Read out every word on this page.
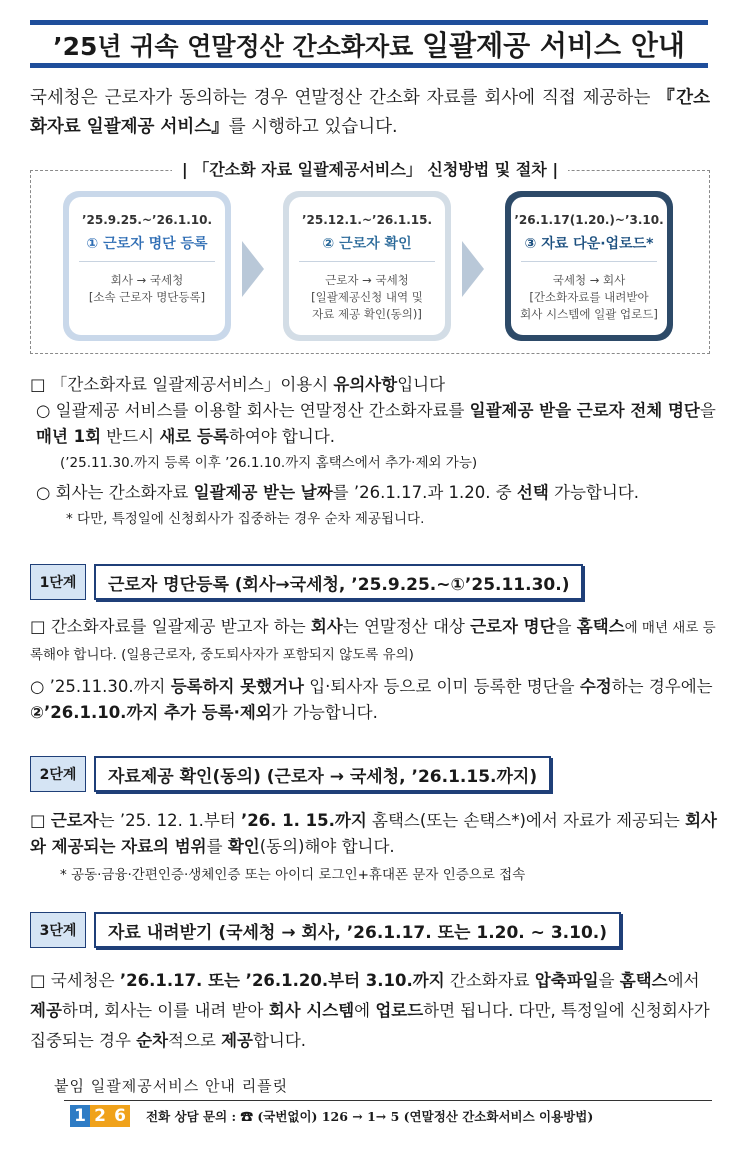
’25년 귀속 연말정산 간소화자료 일괄제공 서비스 안내
국세청은 근로자가 동의하는 경우 연말정산 간소화 자료를 회사에 직접 제공하는 『간소화자료 일괄제공 서비스』를 시행하고 있습니다.
| 「간소화 자료 일괄제공서비스」 신청방법 및 절차 |
’25.9.25.~’26.1.10.
① 근로자 명단 등록
회사 → 국세청
[소속 근로자 명단등록]
’25.12.1.~’26.1.15.
② 근로자 확인
근로자 → 국세청
[일괄제공신청 내역 및
자료 제공 확인(동의)]
’26.1.17(1.20.)~’3.10.
③ 자료 다운·업로드*
국세청 → 회사
[간소화자료를 내려받아
회사 시스템에 일괄 업로드]
□ 「간소화자료 일괄제공서비스」이용시 유의사항입니다
○ 일괄제공 서비스를 이용할 회사는 연말정산 간소화자료를 일괄제공 받을 근로자 전체 명단을 매년 1회 반드시 새로 등록하여야 합니다.
(’25.11.30.까지 등록 이후 ’26.1.10.까지 홈택스에서 추가·제외 가능)
○ 회사는 간소화자료 일괄제공 받는 날짜를 ’26.1.17.과 1.20. 중 선택 가능합니다.
* 다만, 특정일에 신청회사가 집중하는 경우 순차 제공됩니다.
1단계	근로자 명단등록 (회사→국세청, ’25.9.25.~①’25.11.30.)
□ 간소화자료를 일괄제공 받고자 하는 회사는 연말정산 대상 근로자 명단을 홈택스에 매년 새로 등록해야 합니다. (일용근로자, 중도퇴사자가 포함되지 않도록 유의)
○ ’25.11.30.까지 등록하지 못했거나 입·퇴사자 등으로 이미 등록한 명단을 수정하는 경우에는 ②’26.1.10.까지 추가 등록·제외가 가능합니다.
2단계	자료제공 확인(동의) (근로자 → 국세청, ’26.1.15.까지)
□ 근로자는 ’25. 12. 1.부터 ’26. 1. 15.까지 홈택스(또는 손택스*)에서 자료가 제공되는 회사와 제공되는 자료의 범위를 확인(동의)해야 합니다.
* 공동·금융·간편인증·생체인증 또는 아이디 로그인+휴대폰 문자 인증으로 접속
3단계	자료 내려받기 (국세청 → 회사, ’26.1.17. 또는 1.20. ~ 3.10.)
□ 국세청은 ’26.1.17. 또는 ’26.1.20.부터 3.10.까지 간소화자료 압축파일을 홈택스에서 제공하며, 회사는 이를 내려 받아 회사 시스템에 업로드하면 됩니다. 다만, 특정일에 신청회사가 집중되는 경우 순차적으로 제공합니다.
붙임 일괄제공서비스 안내 리플릿
1 2 6	전화 상담 문의 : ☎ (국번없이) 126 → 1→ 5 (연말정산 간소화서비스 이용방법)
